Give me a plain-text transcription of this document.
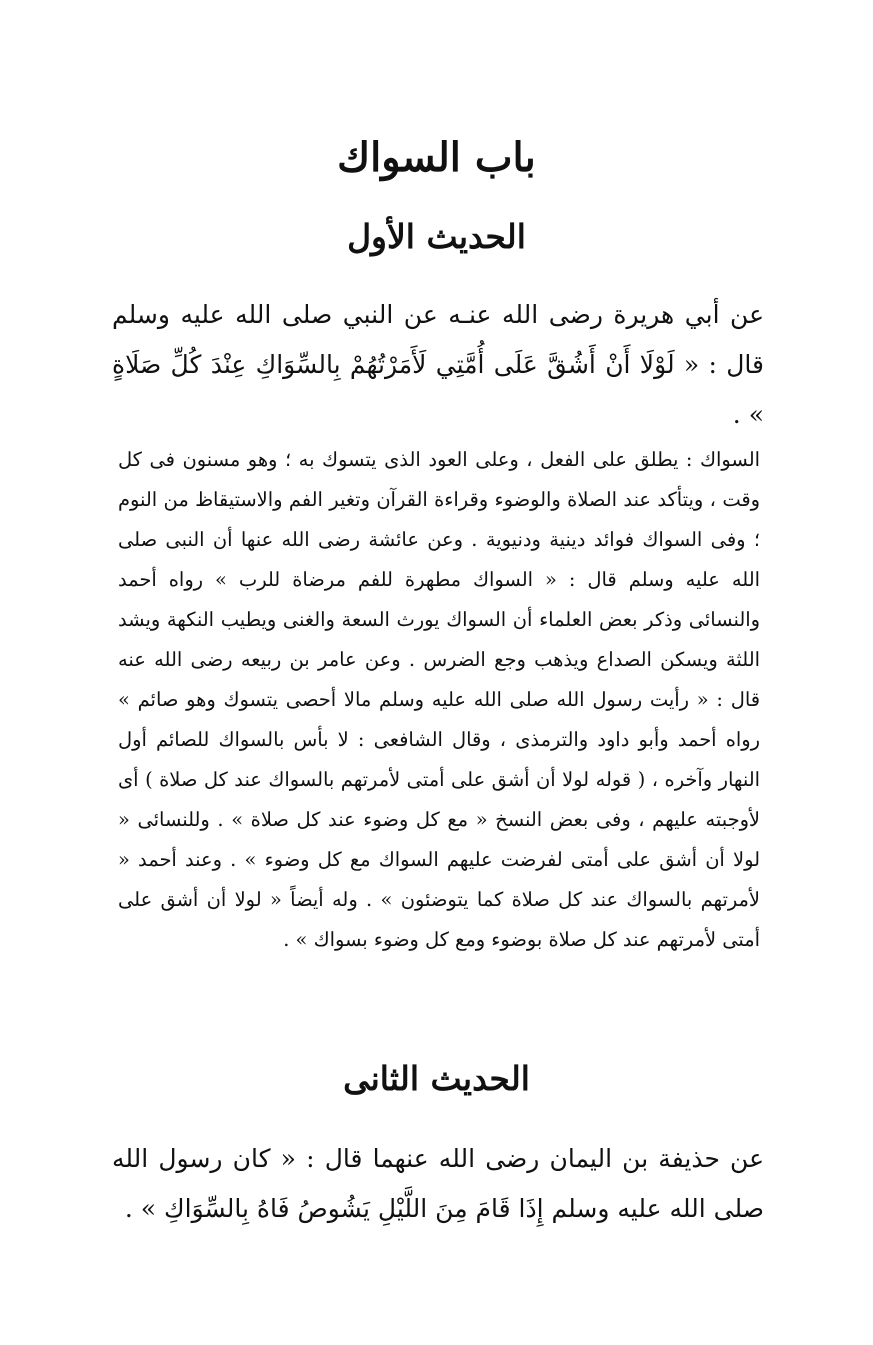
باب السواك
الحديث الأول
عن أبي هريرة رضى الله عنـه عن النبي صلى الله عليه وسلم قال : « لَوْلَا أَنْ أَشُقَّ عَلَى أُمَّتِي لَأَمَرْتُهُمْ بِالسِّوَاكِ عِنْدَ كُلِّ صَلَاةٍ » .

السواك : يطلق على الفعل ، وعلى العود الذى يتسوك به ؛ وهو مسنون فى كل وقت ، ويتأكد عند الصلاة والوضوء وقراءة القرآن وتغير الفم والاستيقاظ من النوم ؛ وفى السواك فوائد دينية ودنيوية . وعن عائشة رضى الله عنها أن النبى صلى الله عليه وسلم قال : « السواك مطهرة للفم مرضاة للرب » رواه أحمد والنسائى وذكر بعض العلماء أن السواك يورث السعة والغنى ويطيب النكهة ويشد اللثة ويسكن الصداع ويذهب وجع الضرس . وعن عامر بن ربيعه رضى الله عنه قال : « رأيت رسول الله صلى الله عليه وسلم مالا أحصى يتسوك وهو صائم » رواه أحمد وأبو داود والترمذى ، وقال الشافعى : لا بأس بالسواك للصائم أول النهار وآخره ، ( قوله لولا أن أشق على أمتى لأمرتهم بالسواك عند كل صلاة ) أى لأوجبته عليهم ، وفى بعض النسخ « مع كل وضوء عند كل صلاة » . وللنسائى « لولا أن أشق على أمتى لفرضت عليهم السواك مع كل وضوء » . وعند أحمد « لأمرتهم بالسواك عند كل صلاة كما يتوضئون » . وله أيضاً « لولا أن أشق على أمتى لأمرتهم عند كل صلاة بوضوء ومع كل وضوء بسواك » .

الحديث الثانى
عن حذيفة بن اليمان رضى الله عنهما قال : « كان رسول الله صلى الله عليه وسلم إِذَا قَامَ مِنَ اللَّيْلِ يَشُوصُ فَاهُ بِالسِّوَاكِ » .
